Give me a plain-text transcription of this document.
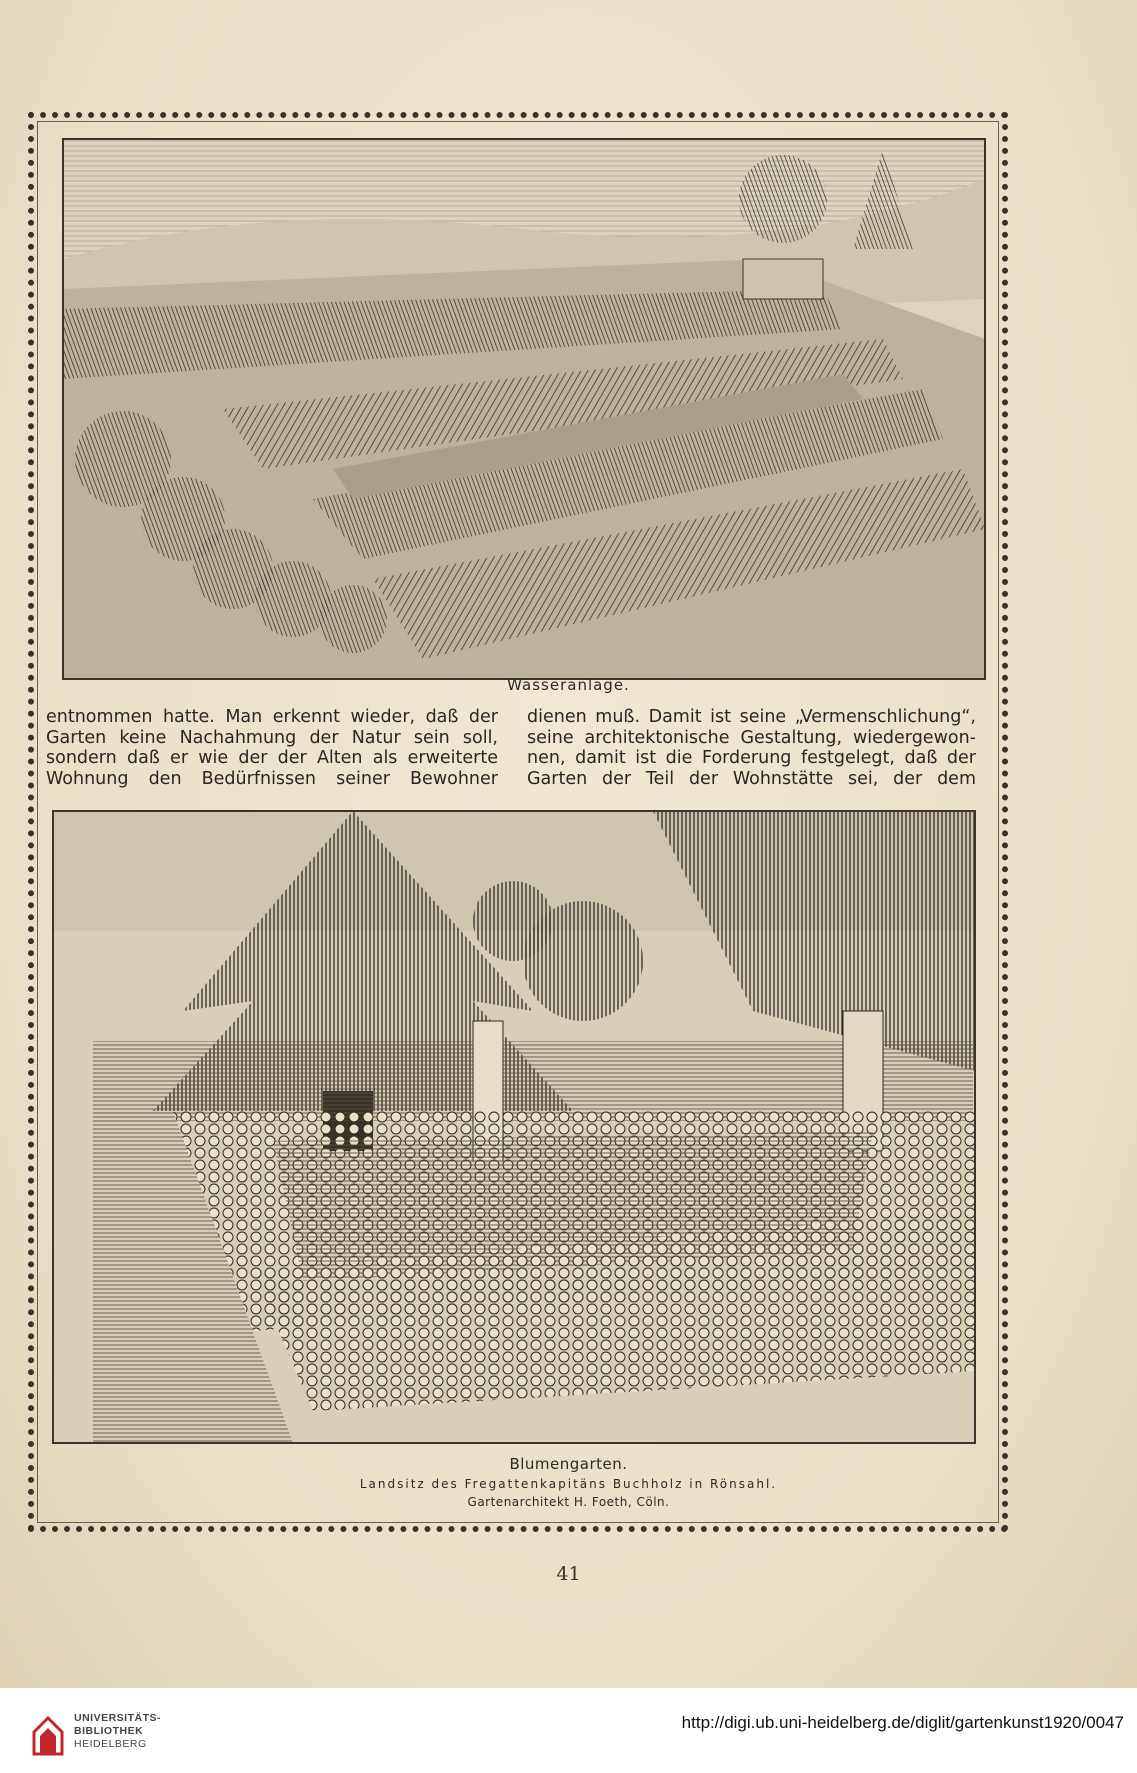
Wasseranlage.
entnommen hatte. Man erkennt wieder, daß der
Garten keine Nachahmung der Natur sein soll,
sondern daß er wie der der Alten als erweiterte
Wohnung den Bedürfnissen seiner Bewohner
dienen muß. Damit ist seine „Vermenschlichung“,
seine architektonische Gestaltung, wiedergewon-
nen, damit ist die Forderung festgelegt, daß der
Garten der Teil der Wohnstätte sei, der dem
Blumengarten.
Landsitz des Fregattenkapitäns Buchholz in Rönsahl.
Gartenarchitekt H. Foeth, Cöln.
41
UNIVERSITÄTS-
BIBLIOTHEK
HEIDELBERG
http://digi.ub.uni-heidelberg.de/diglit/gartenkunst1920/0047
